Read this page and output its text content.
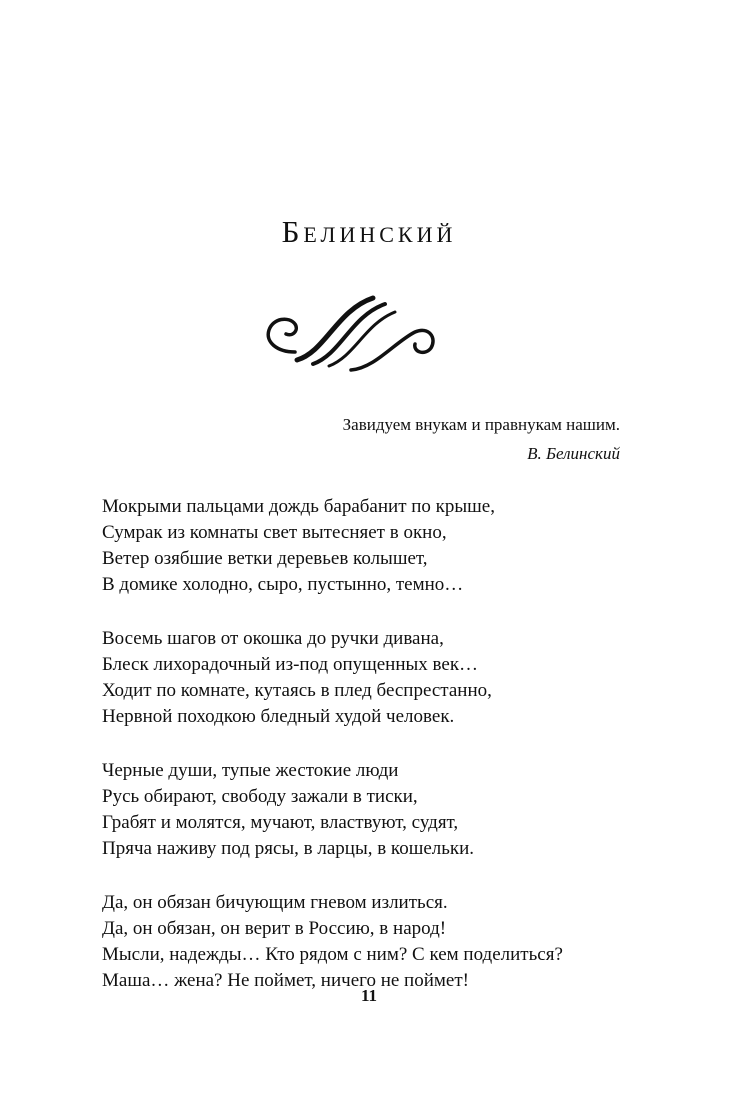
Белинский
Завидуем внукам и правнукам нашим.
В. Белинский
Мокрыми пальцами дождь барабанит по крыше,
Сумрак из комнаты свет вытесняет в окно,
Ветер озябшие ветки деревьев колышет,
В домике холодно, сыро, пустынно, темно…
Восемь шагов от окошка до ручки дивана,
Блеск лихорадочный из-под опущенных век…
Ходит по комнате, кутаясь в плед беспрестанно,
Нервной походкою бледный худой человек.
Черные души, тупые жестокие люди
Русь обирают, свободу зажали в тиски,
Грабят и молятся, мучают, властвуют, судят,
Пряча наживу под рясы, в ларцы, в кошельки.
Да, он обязан бичующим гневом излиться.
Да, он обязан, он верит в Россию, в народ!
Мысли, надежды… Кто рядом с ним? С кем поделиться?
Маша… жена? Не поймет, ничего не поймет!
11
